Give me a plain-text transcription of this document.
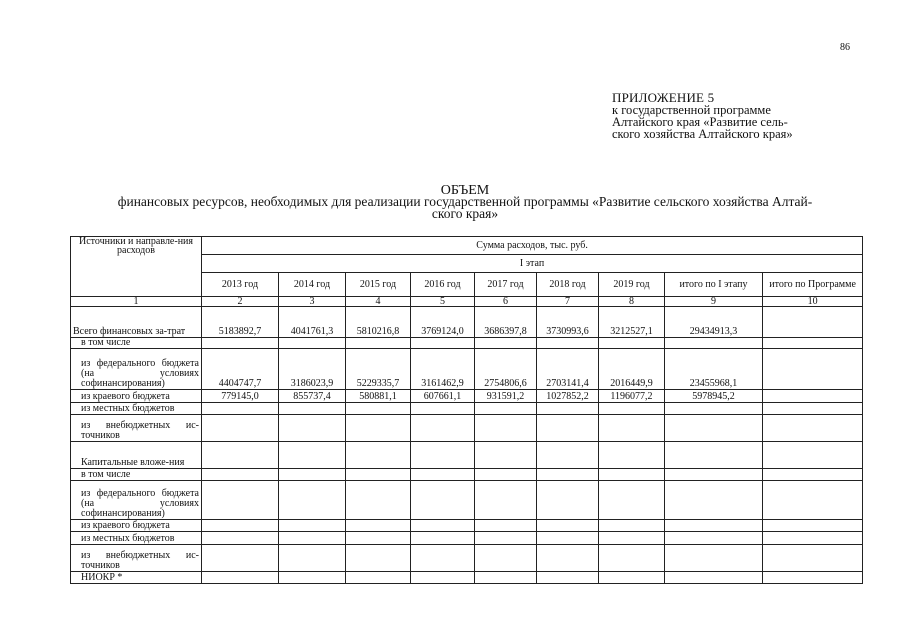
86
ПРИЛОЖЕНИЕ 5
к государственной программе
Алтайского края «Развитие сель-
ского хозяйства Алтайского края»
ОБЪЕМ
финансовых ресурсов, необходимых для реализации государственной программы «Развитие сельского хозяйства Алтай-
ского края»
Источники и направле-ния расходов	Сумма расходов, тыс. руб.								
	I этап								
	2013 год	2014 год	2015 год	2016 год	2017 год	2018 год	2019 год	итого по I этапу	итого по Программе
1	2	3	4	5	6	7	8	9	10
Всего финансовых за-трат	5183892,7	4041761,3	5810216,8	3769124,0	3686397,8	3730993,6	3212527,1	29434913,3	
в том числе									
из федерального бюджета (на условиях софинансирования)	4404747,7	3186023,9	5229335,7	3161462,9	2754806,6	2703141,4	2016449,9	23455968,1	
из краевого бюджета	779145,0	855737,4	580881,1	607661,1	931591,2	1027852,2	1196077,2	5978945,2	
из местных бюджетов									
из внебюджетных ис-точников									
Капитальные вложе-ния									
в том числе									
из федерального бюджета (на условиях софинансирования)									
из краевого бюджета									
из местных бюджетов									
из внебюджетных ис-точников									
НИОКР *									
